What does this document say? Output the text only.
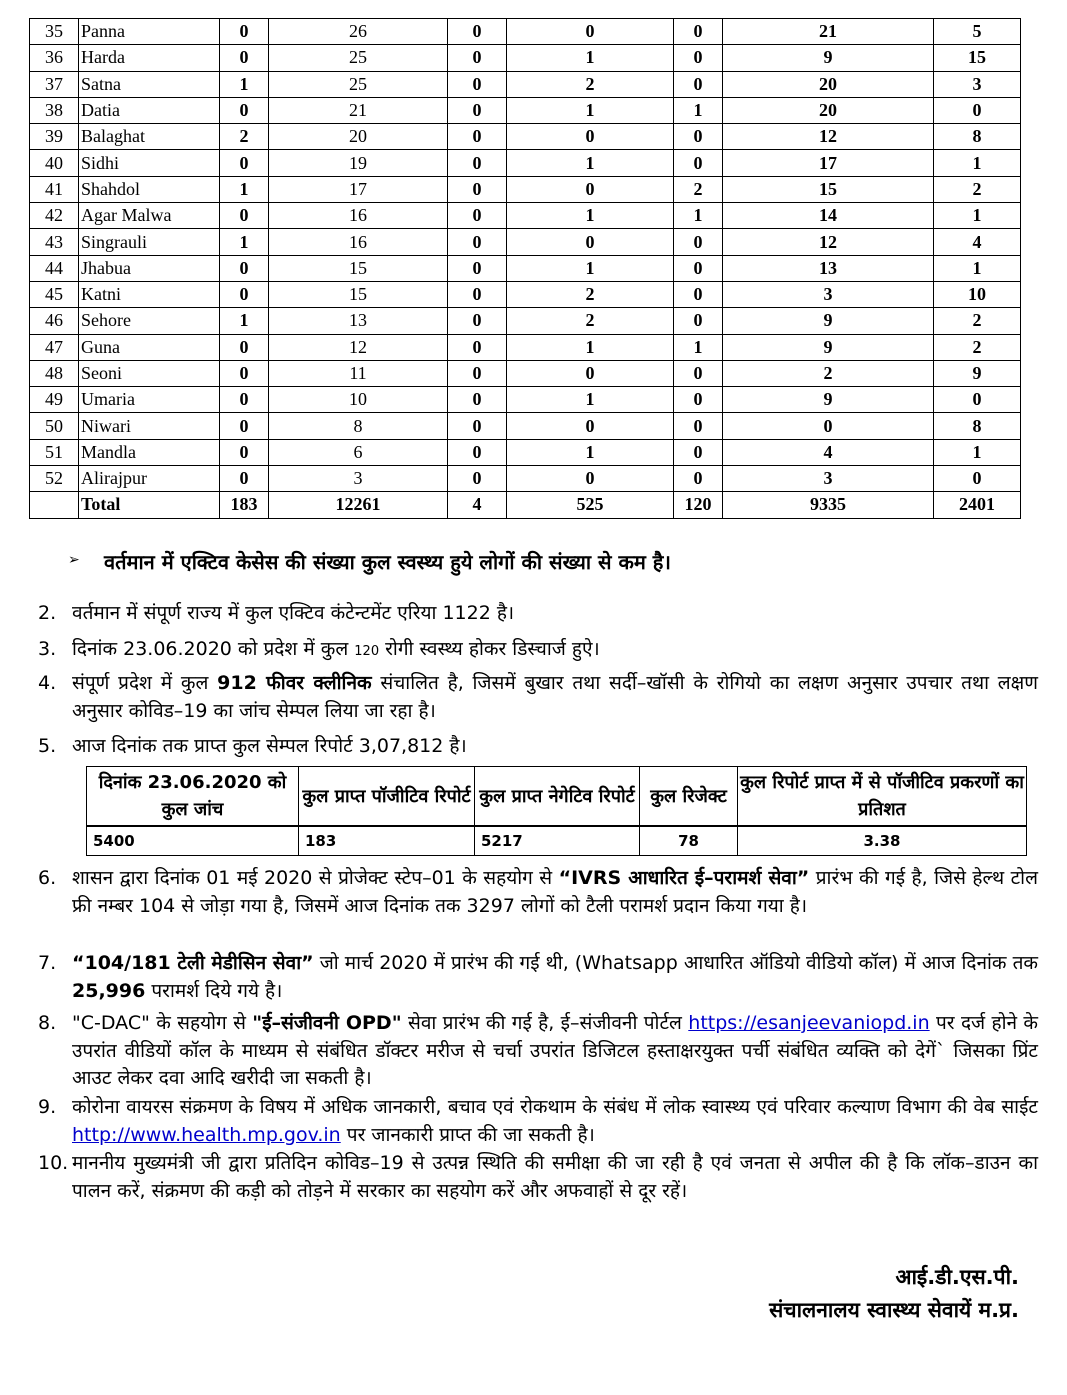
35	Panna	0	26	0	0	0	21	5
36	Harda	0	25	0	1	0	9	15
37	Satna	1	25	0	2	0	20	3
38	Datia	0	21	0	1	1	20	0
39	Balaghat	2	20	0	0	0	12	8
40	Sidhi	0	19	0	1	0	17	1
41	Shahdol	1	17	0	0	2	15	2
42	Agar Malwa	0	16	0	1	1	14	1
43	Singrauli	1	16	0	0	0	12	4
44	Jhabua	0	15	0	1	0	13	1
45	Katni	0	15	0	2	0	3	10
46	Sehore	1	13	0	2	0	9	2
47	Guna	0	12	0	1	1	9	2
48	Seoni	0	11	0	0	0	2	9
49	Umaria	0	10	0	1	0	9	0
50	Niwari	0	8	0	0	0	0	8
51	Mandla	0	6	0	1	0	4	1
52	Alirajpur	0	3	0	0	0	3	0
	Total	183	12261	4	525	120	9335	2401
➢ वर्तमान में एक्टिव केसेस की संख्या कुल स्वस्थ्य हुये लोगों की संख्या से कम है।
2. वर्तमान में संपूर्ण राज्य में कुल एक्टिव कंटेन्टमेंट एरिया 1122 है।
3. दिनांक 23.06.2020 को प्रदेश में कुल 120 रोगी स्वस्थ्य होकर डिस्चार्ज हुऐ।
4. संपूर्ण प्रदेश में कुल 912 फीवर क्लीनिक संचालित है, जिसमें बुखार तथा सर्दी–खॉसी के रोगियो का लक्षण अनुसार उपचार तथा लक्षण अनुसार कोविड–19 का जांच सेम्पल लिया जा रहा है।
5. आज दिनांक तक प्राप्त कुल सेम्पल रिपोर्ट 3,07,812 है।
दिनांक 23.06.2020 को कुल जांच	कुल प्राप्त पॉजीटिव रिपोर्ट	कुल प्राप्त नेगेटिव रिपोर्ट	कुल रिजेक्ट	कुल रिपोर्ट प्राप्त में से पॉजीटिव प्रकरणों का प्रतिशत
5400	183	5217	78	3.38
6. शासन द्वारा दिनांक 01 मई 2020 से प्रोजेक्ट स्टेप–01 के सहयोग से “IVRS आधारित ई–परामर्श सेवा” प्रारंभ की गई है, जिसे हेल्थ टोल फ्री नम्बर 104 से जोड़ा गया है, जिसमें आज दिनांक तक 3297 लोगों को टैली परामर्श प्रदान किया गया है।
7. “104/181 टेली मेडीसिन सेवा” जो मार्च 2020 में प्रारंभ की गई थी, (Whatsapp आधारित ऑडियो वीडियो कॉल) में आज दिनांक तक 25,996 परामर्श दिये गये है।
8. "C-DAC" के सहयोग से "ई–संजीवनी OPD" सेवा प्रारंभ की गई है, ई–संजीवनी पोर्टल https://esanjeevaniopd.in पर दर्ज होने के उपरांत वीडियों कॉल के माध्यम से संबंधित डॉक्टर मरीज से चर्चा उपरांत डिजिटल हस्ताक्षरयुक्त पर्ची संबंधित व्यक्ति को देगें` जिसका प्रिंट आउट लेकर दवा आदि खरीदी जा सकती है।
9. कोरोना वायरस संक्रमण के विषय में अधिक जानकारी, बचाव एवं रोकथाम के संबंध में लोक स्वास्थ्य एवं परिवार कल्याण विभाग की वेब साईट http://www.health.mp.gov.in पर जानकारी प्राप्त की जा सकती है।
10. माननीय मुख्यमंत्री जी द्वारा प्रतिदिन कोविड–19 से उत्पन्न स्थिति की समीक्षा की जा रही है एवं जनता से अपील की है कि लॉक–डाउन का पालन करें, संक्रमण की कड़ी को तोड़ने में सरकार का सहयोग करें और अफवाहों से दूर रहें।
आई.डी.एस.पी.
संचालनालय स्वास्थ्य सेवायें म.प्र.
